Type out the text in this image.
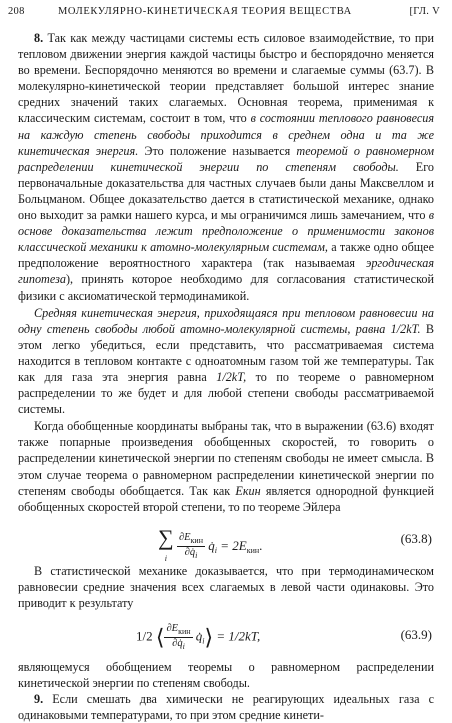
208	МОЛЕКУЛЯРНО-КИНЕТИЧЕСКАЯ ТЕОРИЯ ВЕЩЕСТВА	[ГЛ. V

8. Так как между частицами системы есть силовое взаимодействие, то при тепловом движении энергия каждой частицы быстро и беспорядочно меняется во времени. Беспорядочно меняются во времени и слагаемые суммы (63.7). В молекулярно-кинетической теории представляет большой интерес знание средних значений таких слагаемых. Основная теорема, применимая к классическим системам, состоит в том, что в состоянии теплового равновесия на каждую степень свободы приходится в среднем одна и та же кинетическая энергия. Это положение называется теоремой о равномерном распределении кинетической энергии по степеням свободы. Его первоначальные доказательства для частных случаев были даны Максвеллом и Больцманом. Общее доказательство дается в статистической механике, однако оно выходит за рамки нашего курса, и мы ограничимся лишь замечанием, что в основе доказательства лежит предположение о применимости законов классической механики к атомно-молекулярным системам, а также одно общее предположение вероятностного характера (так называемая эргодическая гипотеза), принять которое необходимо для согласования статистической физики с аксиоматической термодинамикой.

Средняя кинетическая энергия, приходящаяся при тепловом равновесии на одну степень свободы любой атомно-молекулярной системы, равна 1/2kT. В этом легко убедиться, если представить, что рассматриваемая система находится в тепловом контакте с одноатомным газом той же температуры. Так как для газа эта энергия равна 1/2kT, то по теореме о равномерном распределении то же будет и для любой степени свободы рассматриваемой системы.

Когда обобщенные координаты выбраны так, что в выражении (63.6) входят также попарные произведения обобщенных скоростей, то говорить о распределении кинетической энергии по степеням свободы не имеет смысла. В этом случае теорема о равномерном распределении кинетической энергии по степеням свободы обобщается. Так как Eкин является однородной функцией обобщенных скоростей второй степени, то по теореме Эйлера

∑
i $\frac{\partial E_{кин}}{\partial q̇_i}$ $q̇_i = 2E_{кин}$.	(63.8)

В статистической механике доказывается, что при термодинамическом равновесии средние значения всех слагаемых в левой части одинаковы. Это приводит к результату

1/2 ⟨ $\frac{\partial E_{кин}}{\partial q̇_i}$ $q̇_i⟩ = 1/2kT$,	(63.9)

являющемуся обобщением теоремы о равномерном распределении кинетической энергии по степеням свободы.

9. Если смешать два химически не реагирующих идеальных газа с одинаковыми температурами, то при этом средние кинети-
